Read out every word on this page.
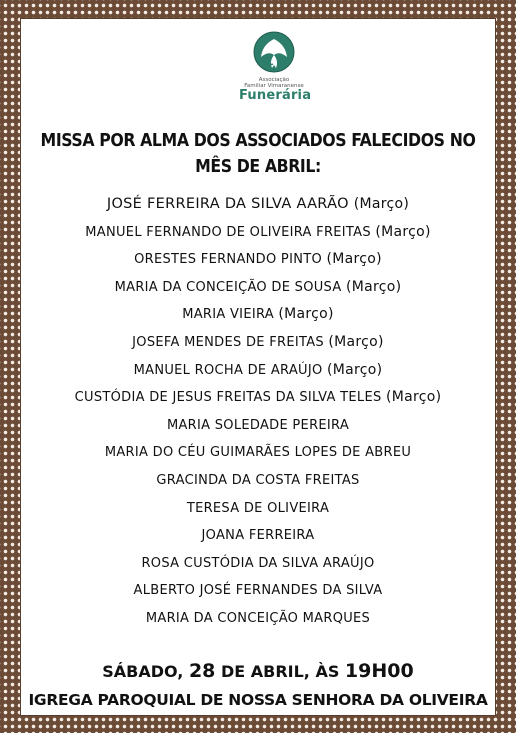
Associação
Familiar Vimaranense
Funerária
MISSA POR ALMA DOS ASSOCIADOS FALECIDOS NO
MÊS DE ABRIL:
JOSÉ FERREIRA DA SILVA AARÃO (Março)
MANUEL FERNANDO DE OLIVEIRA FREITAS (Março)
ORESTES FERNANDO PINTO (Março)
MARIA DA CONCEIÇÃO DE SOUSA (Março)
MARIA VIEIRA (Março)
JOSEFA MENDES DE FREITAS (Março)
MANUEL ROCHA DE ARAÚJO (Março)
CUSTÓDIA DE JESUS FREITAS DA SILVA TELES (Março)
MARIA SOLEDADE PEREIRA
MARIA DO CÉU GUIMARÃES LOPES DE ABREU
GRACINDA DA COSTA FREITAS
TERESA DE OLIVEIRA
JOANA FERREIRA
ROSA CUSTÓDIA DA SILVA ARAÚJO
ALBERTO JOSÉ FERNANDES DA SILVA
MARIA DA CONCEIÇÃO MARQUES
SÁBADO, 28 DE ABRIL, ÀS 19H00
IGREGA PAROQUIAL DE NOSSA SENHORA DA OLIVEIRA
